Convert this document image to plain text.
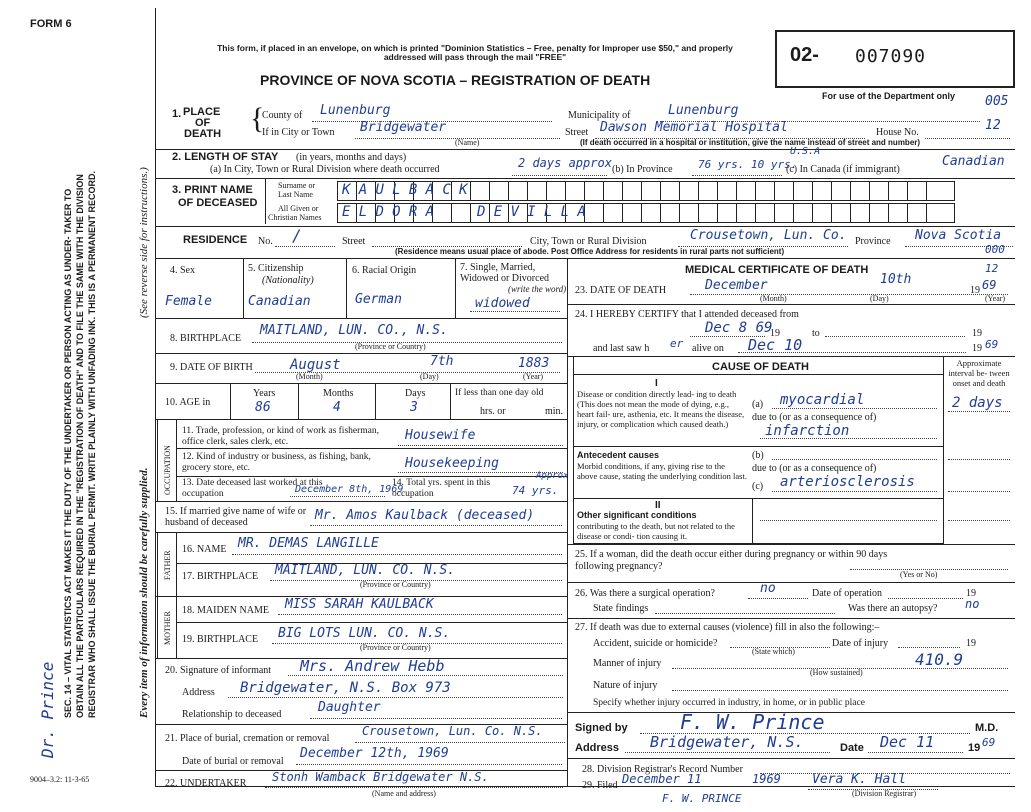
FORM 6
9004–3.2: 11-3-65
SEC. 14 – VITAL STATISTICS ACT MAKES IT THE DUTY OF THE UNDERTAKER OR PERSON ACTING AS UNDER- TAKER TO OBTAIN ALL THE PARTICULARS REQUIRED IN THE "REGISTRATION OF DEATH" AND TO FILE THE SAME WITH THE DIVISION REGISTRAR WHO SHALL ISSUE THE BURIAL PERMIT. WRITE PLAINLY WITH UNFADING INK. THIS IS A PERMANENT RECORD.	(See reverse side for instructions.)
Every item of information should be carefully supplied.
Dr. Prince
This form, if placed in an envelope, on which is printed "Dominion Statistics – Free, penalty for Improper use $50," and properly addressed will pass through the mail "FREE"
PROVINCE OF NOVA SCOTIA – REGISTRATION OF DEATH
02- 007090
For use of the Department only 005
1. PLACE
OF
DEATH
County of Lunenburg	Municipality of	Lunenburg
If in City or Town Bridgewater	Street Dawson Memorial Hospital	House No.	12
(Name)	(If death occurred in a hospital or institution, give the name instead of street and number)
{
2. LENGTH OF STAY (in years, months and days)
(a) In City, Town or Rural Division where death occurred	2 days approx (b) In Province 76 yrs. 10 yrs.
U.S.A
(c) In Canada (if immigrant)
Canadian
3. PRINT NAME
OF DECEASED
Surname or
Last Name
All Given or
Christian Names
KAULBACK
ELDORA DEVILLA
RESIDENCE No. /	Street	City, Town or Rural Division	Crousetown, Lun. Co. Province Nova Scotia
(Residence means usual place of abode. Post Office Address for residents in rural parts not sufficient)	000
4. Sex	5. Citizenship
(Nationality)
6. Racial Origin	7. Single, Married, Widowed or Divorced
(write the word)
Female	Canadian	German	widowed
8. BIRTHPLACE
MAITLAND, LUN. CO., N.S.
(Province or Country)
9. DATE OF BIRTH	August	7th	1883
(Month)	(Day)	(Year)
10. AGE in
Years	Months	Days	If less than one day old
86	4	3	hrs. or	min.
OCCUPATION
11. Trade, profession, or kind of work as fisherman, office clerk, sales clerk, etc.	Housewife
12. Kind of industry or business, as fishing, bank, grocery store, etc.	Housekeeping
13. Date deceased last worked at this occupation	December 8th, 1969
14. Total yrs. spent in this occupation
Approx
74 yrs.
15. If married give name of wife or husband of deceased	Mr. Amos Kaulback (deceased)
FATHER
16. NAME MR. DEMAS LANGILLE
17. BIRTHPLACE MAITLAND, LUN. CO. N.S.
(Province or Country)
MOTHER
18. MAIDEN NAME MISS SARAH KAULBACK
19. BIRTHPLACE BIG LOTS LUN. CO. N.S.
(Province or Country)
20. Signature of informant Mrs. Andrew Hebb
Address Bridgewater, N.S. Box 973
Relationship to deceased	Daughter
21. Place of burial, cremation or removal
Crousetown, Lun. Co. N.S.
Date of burial or removal
December 12th, 1969
22. UNDERTAKER Stonh Wamback Bridgewater N.S.
(Name and address)
MEDICAL CERTIFICATE OF DEATH	12
23. DATE OF DEATH	December	10th
19 69
(Month)	(Day)	(Year)
24. I HEREBY CERTIFY that I attended deceased from
Dec 8 69
19	to	19
and last saw h er alive on Dec 10	19 69
CAUSE OF DEATH	Approximate interval be- tween onset and death
I
Disease or condition directly lead- ing to death (This does not mean the mode of dying, e.g., heart fail- ure, asthenia, etc. It means the disease, injury, or complication which caused death.)
(a) myocardial
due to (or as a consequence of)
infarction
2 days
Antecedent causes
Morbid conditions, if any, giving rise to the above cause, stating the underlying condition last.
(b)
due to (or as a consequence of)
(c) arteriosclerosis
II
Other significant conditions
contributing to the death, but not related to the disease or condi- tion causing it.
25. If a woman, did the death occur either during pregnancy or within 90 days following pregnancy?
(Yes or No)
26. Was there a surgical operation?	no	Date of operation	19
State findings	Was there an autopsy? no
27. If death was due to external causes (violence) fill in also the following:–
Accident, suicide or homicide?	Date of injury	19
(State which)
Manner of injury	410.9
(How sustained)
Nature of injury
Specify whether injury occurred in industry, in home, or in public place
Signed by	F. W. Prince	M.D.
Address Bridgewater, N.S.	Date Dec 11	19 69
28. Division Registrar's Record Number
29. Filed December 11	1969 Vera K. Hall
(Division Registrar)
F. W. PRINCE
